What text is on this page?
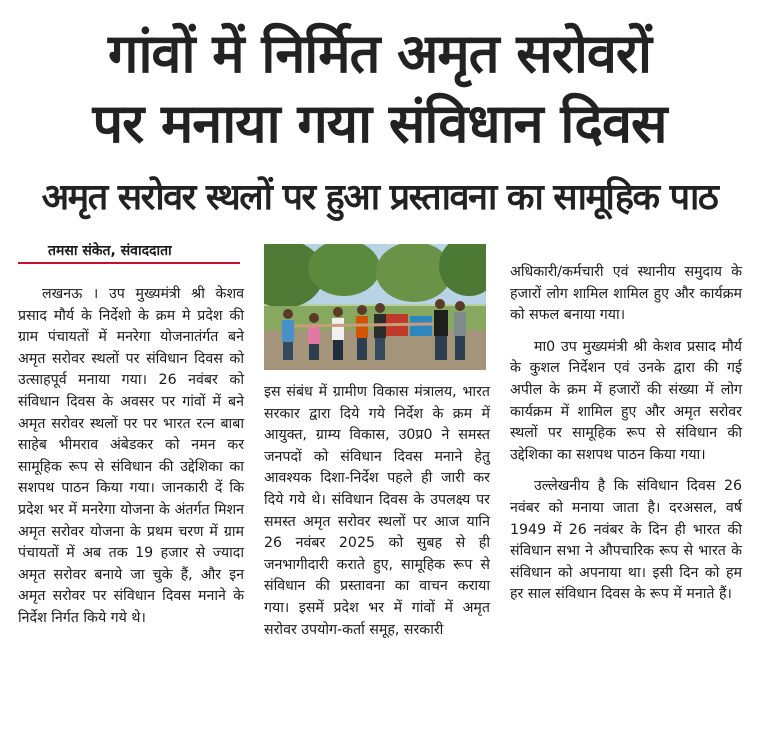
गांवों में निर्मित अमृत सरोवरों
पर मनाया गया संविधान दिवस
अमृत सरोवर स्थलों पर हुआ प्रस्तावना का सामूहिक पाठ
तमसा संकेत, संवाददाता

लखनऊ । उप मुख्यमंत्री श्री केशव प्रसाद मौर्य के निर्देशो के क्रम मे प्रदेश की ग्राम पंचायतों में मनरेगा योजनातंर्गत बने अमृत सरोवर स्थलों पर संविधान दिवस को उत्साहपूर्व मनाया गया। 26 नवंबर को संविधान दिवस के अवसर पर गांवों में बने अमृत सरोवर स्थलों पर पर भारत रत्न बाबा साहेब भीमराव अंबेडकर को नमन कर सामूहिक रूप से संविधान की उद्देशिका का सशपथ पाठन किया गया। जानकारी दें कि प्रदेश भर में मनरेगा योजना के अंतर्गत मिशन अमृत सरोवर योजना के प्रथम चरण में ग्राम पंचायतों में अब तक 19 हजार से ज्यादा अमृत सरोवर बनाये जा चुके हैं, और इन अमृत सरोवर पर संविधान दिवस मनाने के निर्देश निर्गत किये गये थे।

इस संबंध में ग्रामीण विकास मंत्रालय, भारत सरकार द्वारा दिये गये निर्देश के क्रम में आयुक्त, ग्राम्य विकास, उ0प्र0 ने समस्त जनपदों को संविधान दिवस मनाने हेतु आवश्यक दिशा-निर्देश पहले ही जारी कर दिये गये थे। संविधान दिवस के उपलक्ष्य पर समस्त अमृत सरोवर स्थलों पर आज यानि 26 नवंबर 2025 को सुबह से ही जनभागीदारी कराते हुए, सामूहिक रूप से संविधान की प्रस्तावना का वाचन कराया गया। इसमें प्रदेश भर में गांवों में अमृत सरोवर उपयोग-कर्ता समूह, सरकारी

अधिकारी/कर्मचारी एवं स्थानीय समुदाय के हजारों लोग शामिल शामिल हुए और कार्यक्रम को सफल बनाया गया।

मा0 उप मुख्यमंत्री श्री केशव प्रसाद मौर्य के कुशल निर्देशन एवं उनके द्वारा की गई अपील के क्रम में हजारों की संख्या में लोग कार्यक्रम में शामिल हुए और अमृत सरोवर स्थलों पर सामूहिक रूप से संविधान की उद्देशिका का सशपथ पाठन किया गया।

उल्लेखनीय है कि संविधान दिवस 26 नवंबर को मनाया जाता है। दरअसल, वर्ष 1949 में 26 नवंबर के दिन ही भारत की संविधान सभा ने औपचारिक रूप से भारत के संविधान को अपनाया था। इसी दिन को हम हर साल संविधान दिवस के रूप में मनाते हैं।
